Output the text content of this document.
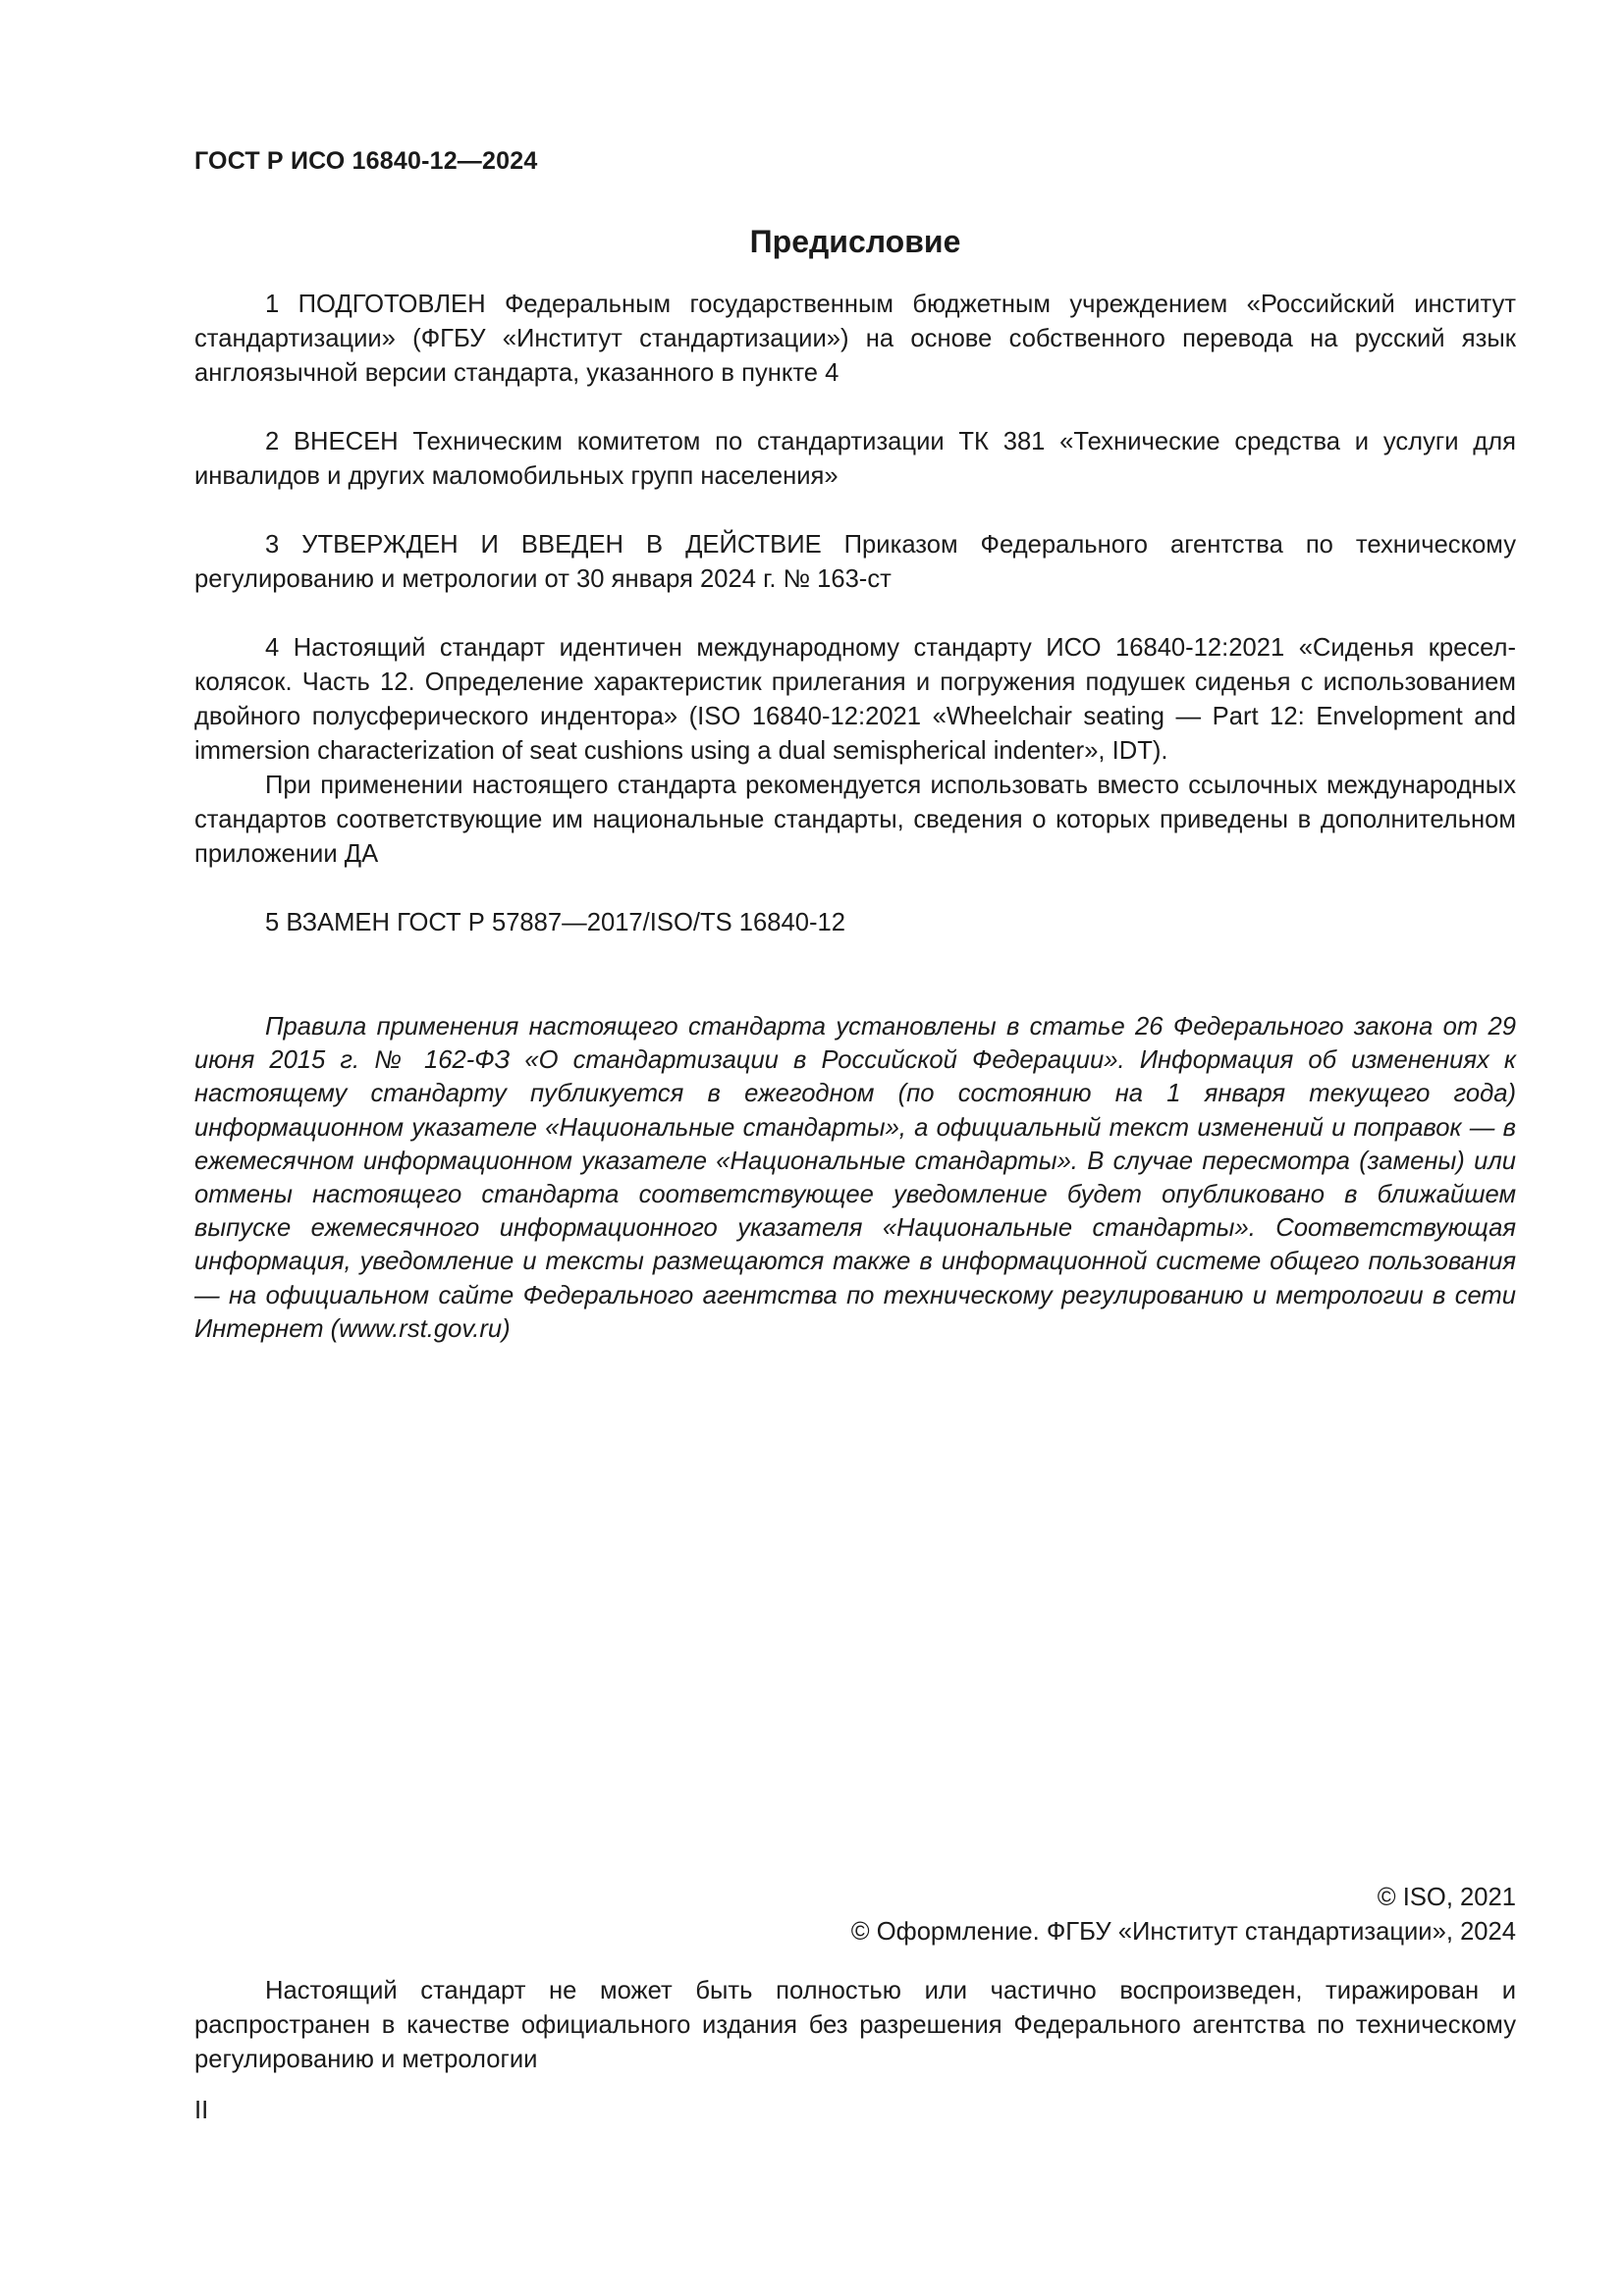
ГОСТ Р ИСО 16840-12—2024
Предисловие

1 ПОДГОТОВЛЕН Федеральным государственным бюджетным учреждением «Российский институт стандартизации» (ФГБУ «Институт стандартизации») на основе собственного перевода на русский язык англоязычной версии стандарта, указанного в пункте 4

2 ВНЕСЕН Техническим комитетом по стандартизации ТК 381 «Технические средства и услуги для инвалидов и других маломобильных групп населения»

3 УТВЕРЖДЕН И ВВЕДЕН В ДЕЙСТВИЕ Приказом Федерального агентства по техническому регулированию и метрологии от 30 января 2024 г. № 163-ст

4 Настоящий стандарт идентичен международному стандарту ИСО 16840-12:2021 «Сиденья кресел-колясок. Часть 12. Определение характеристик прилегания и погружения подушек сиденья с использованием двойного полусферического индентора» (ISO 16840-12:2021 «Wheelchair seating — Part 12: Envelopment and immersion characterization of seat cushions using a dual semispherical indenter», IDT).

При применении настоящего стандарта рекомендуется использовать вместо ссылочных международных стандартов соответствующие им национальные стандарты, сведения о которых приведены в дополнительном приложении ДА

5 ВЗАМЕН ГОСТ Р 57887—2017/ISO/TS 16840-12

Правила применения настоящего стандарта установлены в статье 26 Федерального закона от 29 июня 2015 г. № 162-ФЗ «О стандартизации в Российской Федерации». Информация об изменениях к настоящему стандарту публикуется в ежегодном (по состоянию на 1 января текущего года) информационном указателе «Национальные стандарты», а официальный текст изменений и поправок — в ежемесячном информационном указателе «Национальные стандарты». В случае пересмотра (замены) или отмены настоящего стандарта соответствующее уведомление будет опубликовано в ближайшем выпуске ежемесячного информационного указателя «Национальные стандарты». Соответствующая информация, уведомление и тексты размещаются также в информационной системе общего пользования — на официальном сайте Федерального агентства по техническому регулированию и метрологии в сети Интернет (www.rst.gov.ru)

© ISO, 2021
© Оформление. ФГБУ «Институт стандартизации», 2024

Настоящий стандарт не может быть полностью или частично воспроизведен, тиражирован и распространен в качестве официального издания без разрешения Федерального агентства по техническому регулированию и метрологии

II
